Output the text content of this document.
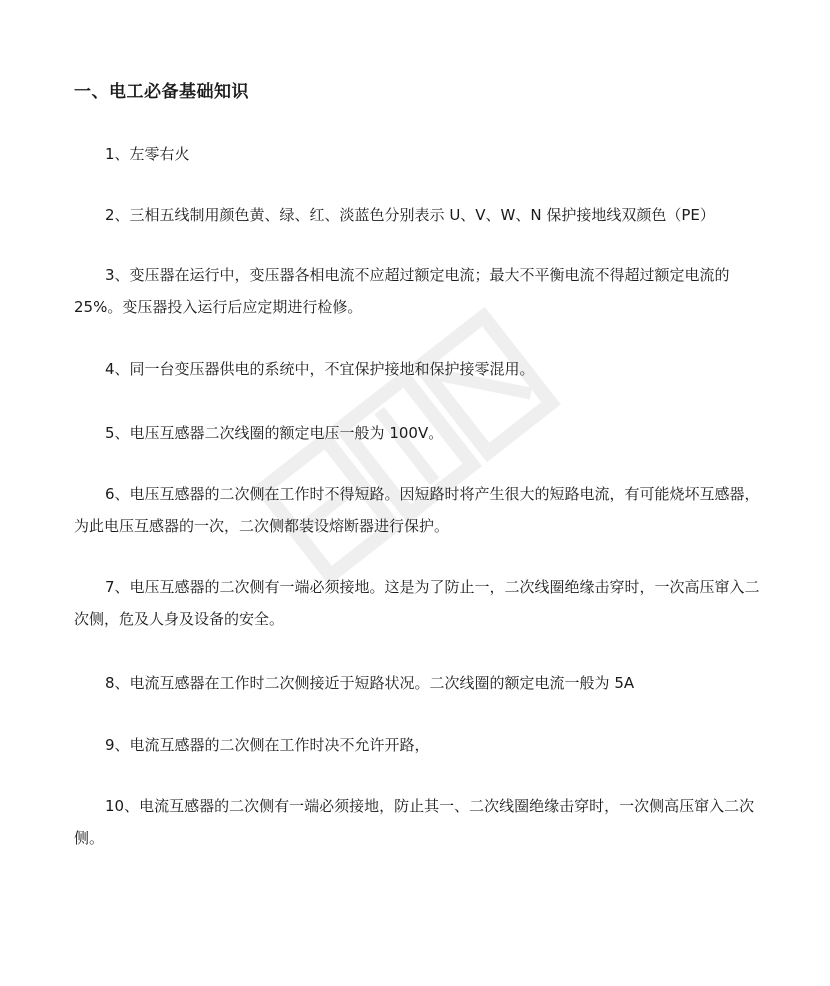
一、电工必备基础知识

1、左零右火

2、三相五线制用颜色黄、绿、红、淡蓝色分别表示 U、V、W、N 保护接地线双颜色（PE）

3、变压器在运行中，变压器各相电流不应超过额定电流；最大不平衡电流不得超过额定电流的 25%。变压器投入运行后应定期进行检修。

4、同一台变压器供电的系统中，不宜保护接地和保护接零混用。

5、电压互感器二次线圈的额定电压一般为 100V。

6、电压互感器的二次侧在工作时不得短路。因短路时将产生很大的短路电流，有可能烧坏互感器，为此电压互感器的一次，二次侧都装设熔断器进行保护。

7、电压互感器的二次侧有一端必须接地。这是为了防止一，二次线圈绝缘击穿时，一次高压窜入二次侧，危及人身及设备的安全。

8、电流互感器在工作时二次侧接近于短路状况。二次线圈的额定电流一般为 5A

9、电流互感器的二次侧在工作时决不允许开路，

10、电流互感器的二次侧有一端必须接地，防止其一、二次线圈绝缘击穿时，一次侧高压窜入二次侧。
